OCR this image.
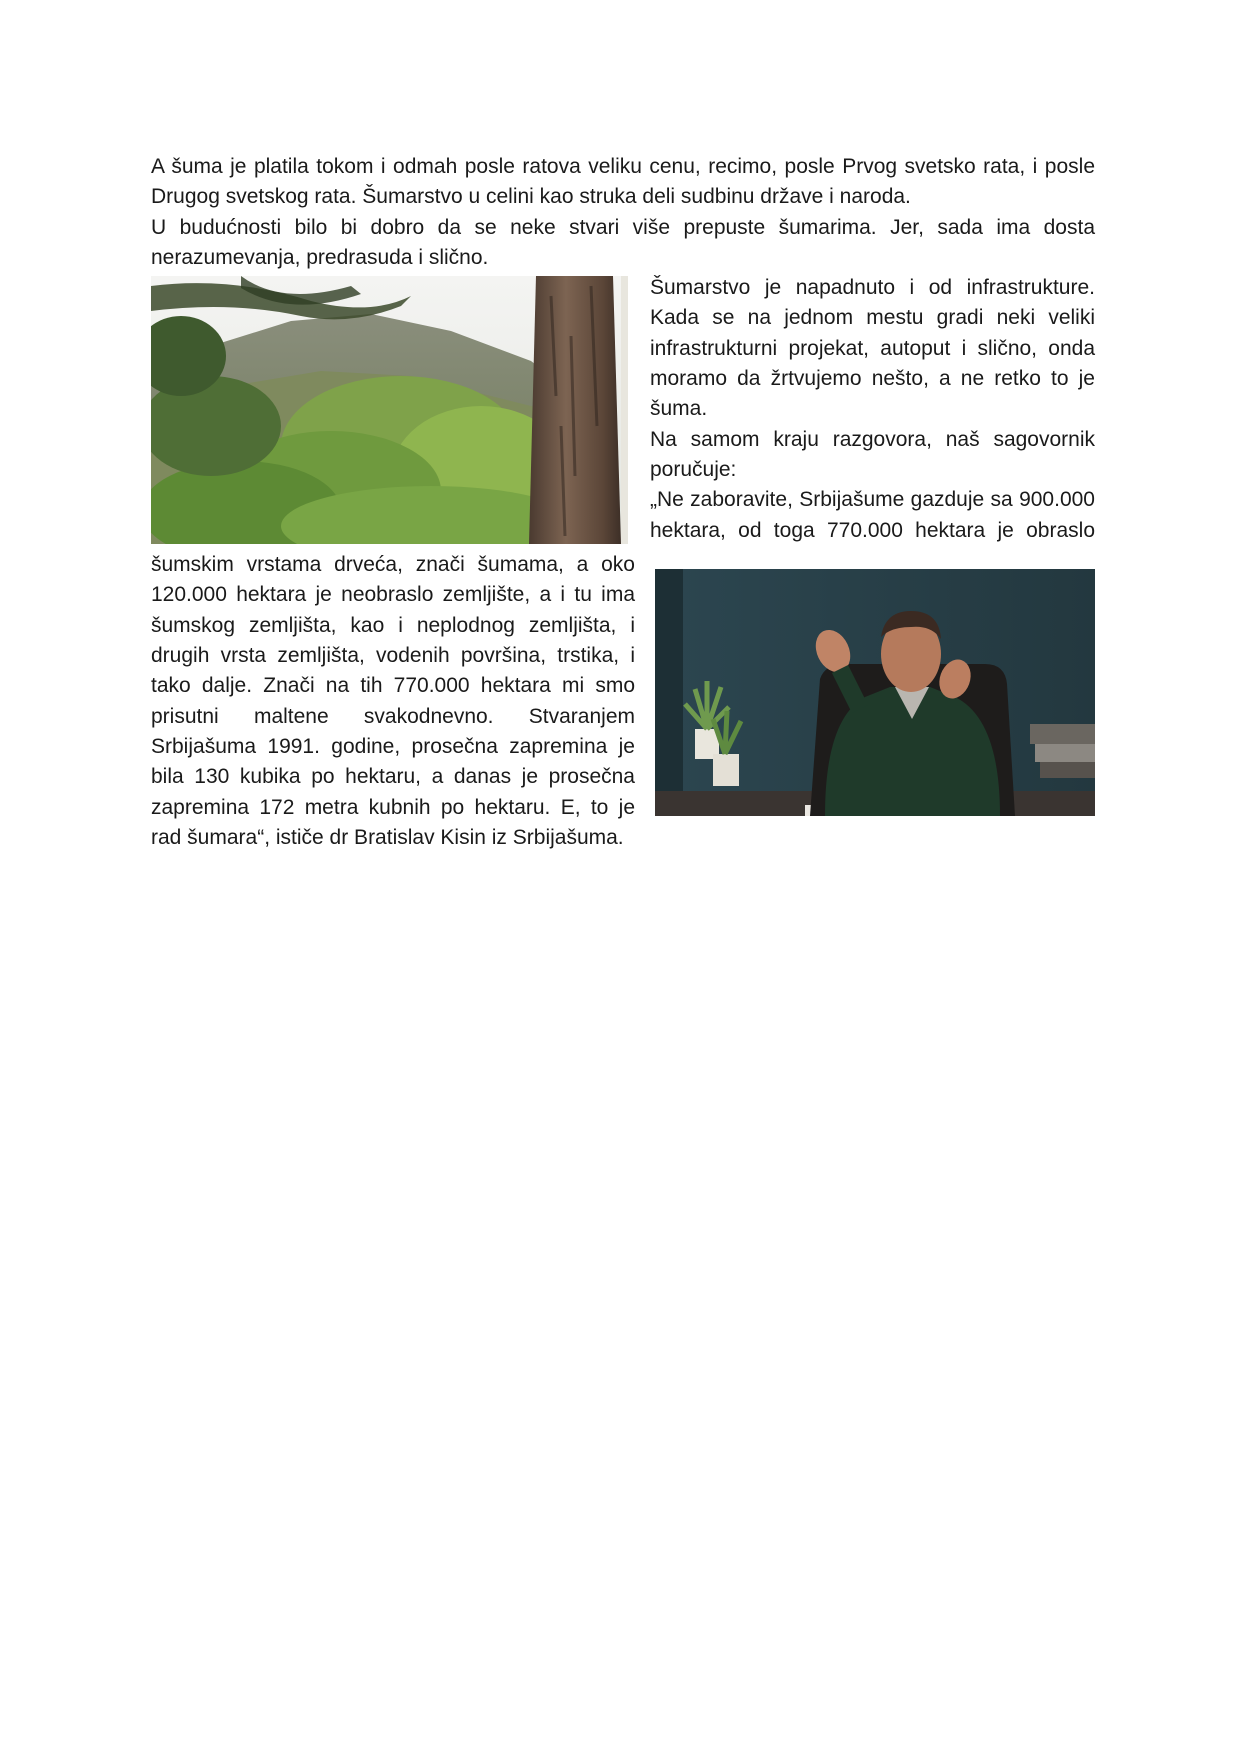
A šuma je platila tokom i odmah posle ratova veliku cenu, recimo, posle Prvog svetsko rata, i posle Drugog svetskog rata. Šumarstvo u celini kao struka deli sudbinu države i naroda.

U budućnosti bilo bi dobro da se neke stvari više prepuste šumarima. Jer, sada ima dosta nerazumevanja, predrasuda i slično.

Šumarstvo je napadnuto i od infrastrukture. Kada se na jednom mestu gradi neki veliki infrastrukturni projekat, autoput i slično, onda moramo da žrtvujemo nešto, a ne retko to je šuma.

Na samom kraju razgovora, naš sagovornik poručuje:

„Ne zaboravite, Srbijašume gazduje sa 900.000 hektara, od toga 770.000 hektara je obraslo šumskim vrstama drveća, znači šumama, a oko 120.000 hektara je neobraslo zemljište, a i tu ima šumskog zemljišta, kao i neplodnog zemljišta, i drugih vrsta zemljišta, vodenih površina, trstika, i tako dalje. Znači na tih 770.000 hektara mi smo prisutni maltene svakodnevno. Stvaranjem Srbijašuma 1991. godine, prosečna zapremina je bila 130 kubika po hektaru, a danas je prosečna zapremina 172 metra kubnih po hektaru. E, to je rad šumara“, ističe dr Bratislav Kisin iz Srbijašuma.
